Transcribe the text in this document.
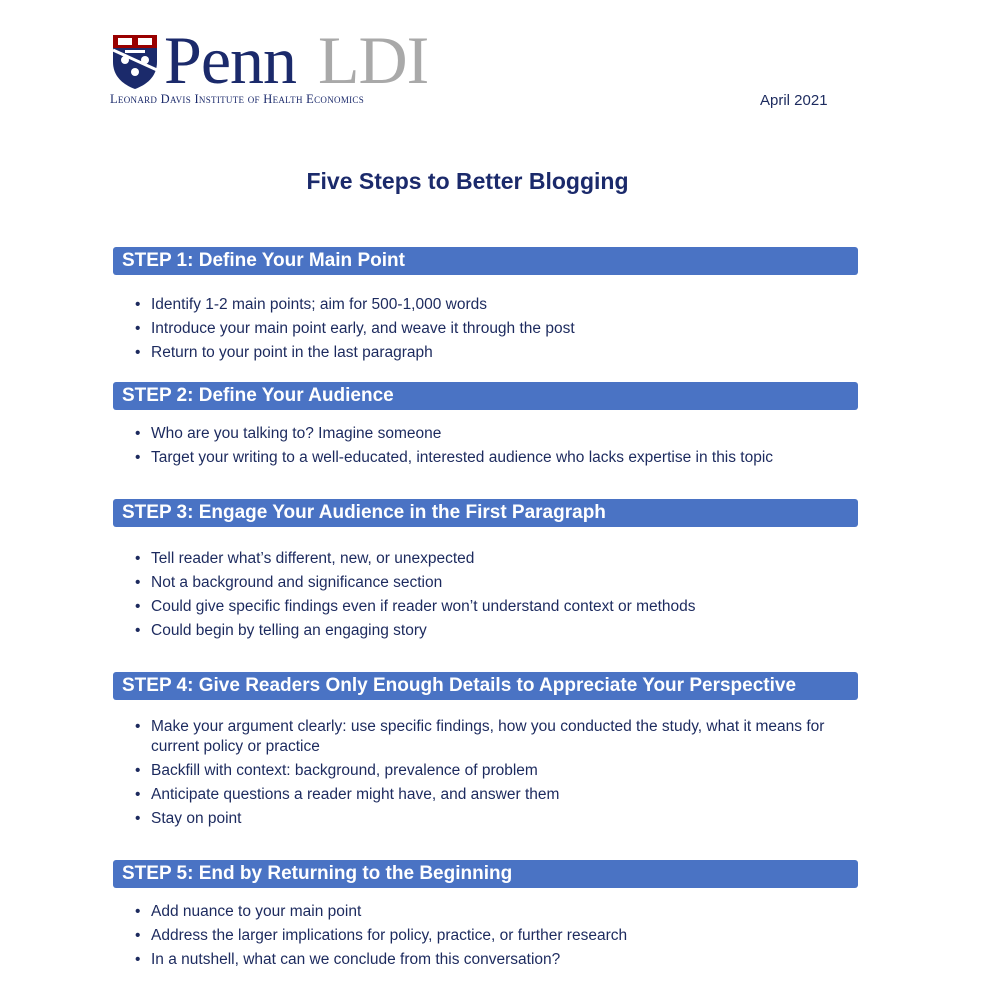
Penn LDI
Leonard Davis Institute of Health Economics	April 2021
Five Steps to Better Blogging
STEP 1: Define Your Main Point
• Identify 1-2 main points; aim for 500-1,000 words
• Introduce your main point early, and weave it through the post
• Return to your point in the last paragraph
STEP 2: Define Your Audience
• Who are you talking to? Imagine someone
• Target your writing to a well-educated, interested audience who lacks expertise in this topic
STEP 3: Engage Your Audience in the First Paragraph
• Tell reader what’s different, new, or unexpected
• Not a background and significance section
• Could give specific findings even if reader won’t understand context or methods
• Could begin by telling an engaging story
STEP 4: Give Readers Only Enough Details to Appreciate Your Perspective
• Make your argument clearly: use specific findings, how you conducted the study, what it means for current policy or practice
• Backfill with context: background, prevalence of problem
• Anticipate questions a reader might have, and answer them
• Stay on point
STEP 5: End by Returning to the Beginning
• Add nuance to your main point
• Address the larger implications for policy, practice, or further research
• In a nutshell, what can we conclude from this conversation?
